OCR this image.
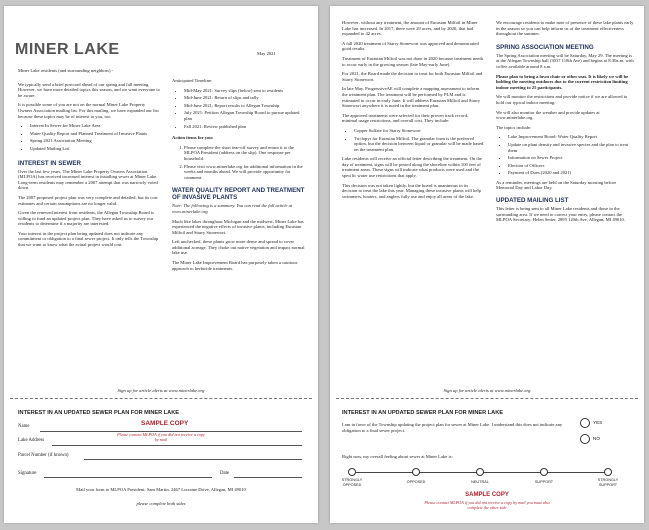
MINER LAKE	May 2021

Miner Lake residents (and surrounding neighbors) -

We typically send a brief postcard ahead of our spring and fall meeting. However, we have more detailed topics this season, and we want everyone to be aware.

It is possible some of you are not on the normal Miner Lake Property Owners Association mailing list. For this mailing, we have expanded our list because these topics may be of interest to you, too.

• Interest In Sewer for Miner Lake Area
• Water Quality Report and Planned Treatment of Invasive Plants
• Spring 2021 Association Meeting
• Updated Mailing List
INTEREST IN SEWER

Over the last few years, The Miner Lake Property Owners Association (MLPOA) has received increased interest in installing sewer at Miner Lake. Long-term residents may remember a 2007 attempt that was narrowly voted down.

The 2007 proposed project plan was very complete and detailed, but its cost estimates and certain assumptions are no longer valid.

Given the renewed interest from residents, the Allegan Township Board is willing to fund an updated project plan. They have asked us to survey our residents to determine if a majority are interested.

Your interest in the project plan being updated does not indicate any commitment or obligation to a final sewer project. It only tells the Township that we want to know what the actual project would cost.

Anticipated Timeline:

• Mid-May 2021: Survey slips (below) sent to residents
• Mid-June 2021: Return of slips and tally
• Mid-June 2021: Report results to Allegan Township
• July 2021: Petition Allegan Township Board to pursue updated plan
• Fall 2021: Review published plan

Action items for you:

1. Please complete the short tear-off survey and return it to the MLPOA President (address on the slip). One response per household.
2. Please visit www.minerlake.org for additional information in the weeks and months ahead. We will provide opportunity for comment.
WATER QUALITY REPORT AND TREATMENT OF INVASIVE PLANTS

Note: The following is a summary. You can read the full article at www.minerlake.org

Much like lakes throughout Michigan and the midwest, Miner Lake has experienced the negative effects of invasive plants, including Eurasian Milfoil and Starry Stonewort.

Left unchecked, these plants grow more dense and spread to cover additional acreage. They choke out native vegetation and impact normal lake use.

The Miner Lake Improvement Board has purposely taken a cautious approach to herbicide treatments.

Sign up for article alerts at www.minerlake.org
INTEREST IN AN UPDATED SEWER PLAN FOR MINER LAKE
Name	SAMPLE COPY
Lake Address
Please contact MLPOA if you did not receive a copy by mail
Parcel Number (if known)
Signature	Date
Mail your form to MLPOA President: Sam Martin, 2467 Lorraine Drive, Allegan, MI 49010
please complete both sides

However, without any treatment, the amount of Eurasian Milfoil in Miner Lake has increased. In 2017, there were 29 acres, and by 2020, that had expanded to 42 acres.

A fall 2020 treatment of Starry Stonewort was approved and demonstrated good results.

Treatment of Eurasian Milfoil was not done in 2020 because treatment needs to occur early in the growing season (late May-early June).

For 2021, the Board made the decision to treat for both Eurasian Milfoil and Starry Stonewort.

In late May, ProgressiveAE will complete a mapping assessment to inform the treatment plan. The treatment will be performed by PLM and is estimated to occur in early June. It will address Eurasian Milfoil and Starry Stonewort anywhere it is noted in the treatment plan.

The approved treatments were selected for their proven track record, minimal usage restrictions, and overall cost. They include:

• Copper Sulfate for Starry Stonewort
• Triclopyr for Eurasian Milfoil. The granular form is the preferred option, but the decision between liquid or granular will be made based on the treatment plan.

Lake residents will receive an official letter describing the treatment. On the day of treatment, signs will be posted along the shoreline within 100 feet of treatment areas. These signs will indicate what products were used and the specific water use restrictions that apply.

This decision was not taken lightly, but the board is unanimous in its decision to treat the lake this year. Managing these invasive plants will help swimmers, boaters, and anglers fully use and enjoy all areas of the lake.

We encourage residents to make note of presence of these lake plants early in the season so you can help inform us of the treatment effectiveness throughout the summer.

SPRING ASSOCIATION MEETING

The Spring Association meeting will be Saturday, May 29. The meeting is at the Allegan Township hall (3037 118th Ave) and begins at 8:30a.m. with coffee available around 8 a.m.

Please plan to bring a lawn chair or other seat. It is likely we will be holding the meeting outdoors due to the current restriction limiting indoor meeting to 25 participants.

We will monitor the restrictions and provide notice if we are allowed to hold our typical indoor meeting.

We will also monitor the weather and provide updates at www.minerlake.org.

The topics include:

• Lake Improvement Board: Water Quality Report
• Update on plant density and invasive species and the plan to treat them
• Information on Sewer Project
• Election of Officers
• Payment of Dues (2020 and 2021)

As a reminder, meetings are held on the Saturday morning before Memorial Day and Labor Day.

UPDATED MAILING LIST

This letter is being sent to all Miner Lake residents and those in the surrounding area. If we need to correct your entry, please contact the MLPOA Secretary: Helen Setter, 2895 120th Ave, Allegan, MI 49010.

Sign up for article alerts at www.minerlake.org
INTEREST IN AN UPDATED SEWER PLAN FOR MINER LAKE
I am in favor of the Township updating the project plan for sewer at Miner Lake. I understand this does not indicate any obligation to a final sewer project.
YES
NO
Right now, my overall feeling about sewer at Miner Lake is:
STRONGLY OPPOSED
OPPOSED	NEUTRAL	SUPPORT	STRONGLY SUPPORT
SAMPLE COPY
Please contact MLPOA if you did not receive a copy by mail you must also complete the other side
